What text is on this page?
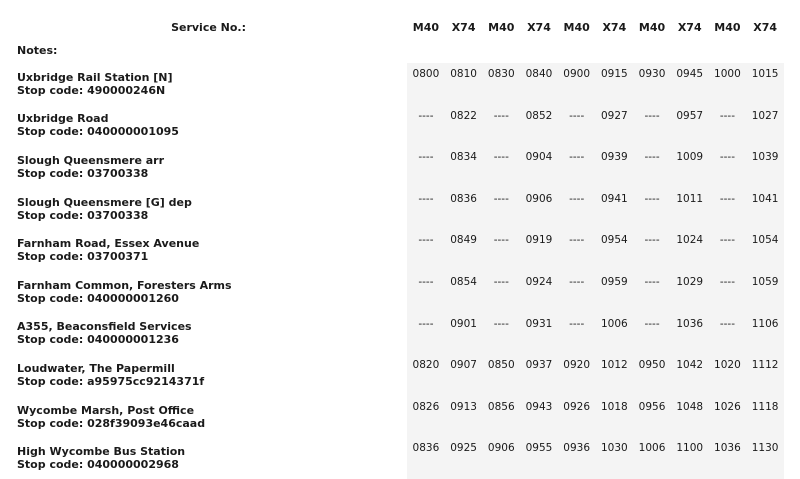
Service No.:	M40	X74	M40	X74	M40	X74	M40	X74	M40	X74
Notes:										

Uxbridge Rail Station [N]
Stop code: 490000246N	0800	0810	0830	0840	0900	0915	0930	0945	1000	1015

Uxbridge Road
Stop code: 040000001095	----	0822	----	0852	----	0927	----	0957	----	1027

Slough Queensmere arr
Stop code: 03700338	----	0834	----	0904	----	0939	----	1009	----	1039

Slough Queensmere [G] dep
Stop code: 03700338	----	0836	----	0906	----	0941	----	1011	----	1041

Farnham Road, Essex Avenue
Stop code: 03700371	----	0849	----	0919	----	0954	----	1024	----	1054

Farnham Common, Foresters Arms
Stop code: 040000001260	----	0854	----	0924	----	0959	----	1029	----	1059

A355, Beaconsfield Services
Stop code: 040000001236	----	0901	----	0931	----	1006	----	1036	----	1106

Loudwater, The Papermill
Stop code: a95975cc9214371f	0820	0907	0850	0937	0920	1012	0950	1042	1020	1112

Wycombe Marsh, Post Office
Stop code: 028f39093e46caad	0826	0913	0856	0943	0926	1018	0956	1048	1026	1118

High Wycombe Bus Station
Stop code: 040000002968	0836	0925	0906	0955	0936	1030	1006	1100	1036	1130
